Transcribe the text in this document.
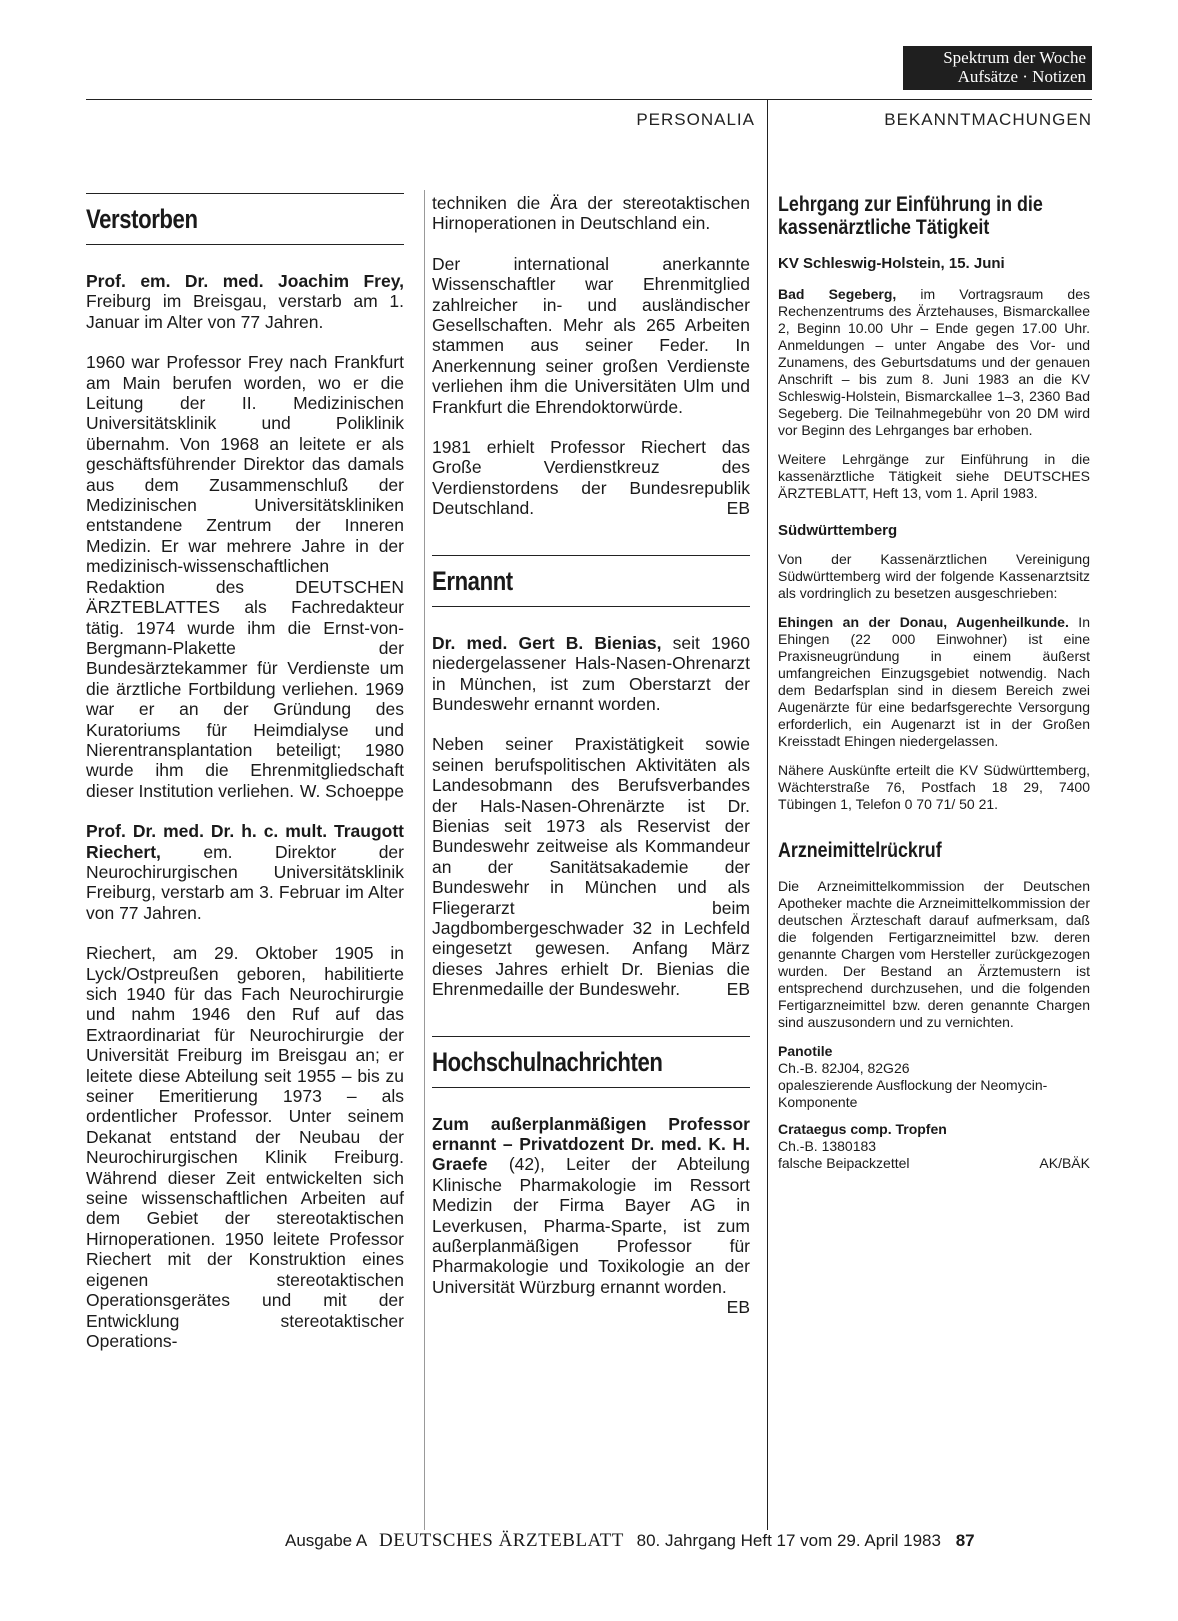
Spektrum der Woche
Aufsätze · Notizen
PERSONALIA	BEKANNTMACHUNGEN
Verstorben

Prof. em. Dr. med. Joachim Frey, Freiburg im Breisgau, verstarb am 1. Januar im Alter von 77 Jahren.

1960 war Professor Frey nach Frankfurt am Main berufen worden, wo er die Leitung der II. Medizinischen Universitätsklinik und Poliklinik übernahm. Von 1968 an leitete er als geschäftsführender Direktor das damals aus dem Zusammenschluß der Medizinischen Universitätskliniken entstandene Zentrum der Inneren Medizin. Er war mehrere Jahre in der medizinisch-wissenschaftlichen Redaktion des DEUTSCHEN ÄRZTEBLATTES als Fachredakteur tätig. 1974 wurde ihm die Ernst-von-Bergmann-Plakette der Bundesärztekammer für Verdienste um die ärztliche Fortbildung verliehen. 1969 war er an der Gründung des Kuratoriums für Heimdialyse und Nierentransplantation beteiligt; 1980 wurde ihm die Ehrenmitgliedschaft dieser Institution verliehen. W. Schoeppe

Prof. Dr. med. Dr. h. c. mult. Traugott Riechert, em. Direktor der Neurochirurgischen Universitätsklinik Freiburg, verstarb am 3. Februar im Alter von 77 Jahren.

Riechert, am 29. Oktober 1905 in Lyck/Ostpreußen geboren, habilitierte sich 1940 für das Fach Neurochirurgie und nahm 1946 den Ruf auf das Extraordinariat für Neurochirurgie der Universität Freiburg im Breisgau an; er leitete diese Abteilung seit 1955 – bis zu seiner Emeritierung 1973 – als ordentlicher Professor. Unter seinem Dekanat entstand der Neubau der Neurochirurgischen Klinik Freiburg. Während dieser Zeit entwickelten sich seine wissenschaftlichen Arbeiten auf dem Gebiet der stereotaktischen Hirnoperationen. 1950 leitete Professor Riechert mit der Konstruktion eines eigenen stereotaktischen Operationsgerätes und mit der Entwicklung stereotaktischer Operations-

techniken die Ära der stereotaktischen Hirnoperationen in Deutschland ein.

Der international anerkannte Wissenschaftler war Ehrenmitglied zahlreicher in- und ausländischer Gesellschaften. Mehr als 265 Arbeiten stammen aus seiner Feder. In Anerkennung seiner großen Verdienste verliehen ihm die Universitäten Ulm und Frankfurt die Ehrendoktorwürde.

1981 erhielt Professor Riechert das Große Verdienstkreuz des Verdienstordens der Bundesrepublik Deutschland.	EB

Ernannt

Dr. med. Gert B. Bienias, seit 1960 niedergelassener Hals-Nasen-Ohrenarzt in München, ist zum Oberstarzt der Bundeswehr ernannt worden.

Neben seiner Praxistätigkeit sowie seinen berufspolitischen Aktivitäten als Landesobmann des Berufsverbandes der Hals-Nasen-Ohrenärzte ist Dr. Bienias seit 1973 als Reservist der Bundeswehr zeitweise als Kommandeur an der Sanitätsakademie der Bundeswehr in München und als Fliegerarzt beim Jagdbombergeschwader 32 in Lechfeld eingesetzt gewesen. Anfang März dieses Jahres erhielt Dr. Bienias die Ehrenmedaille der Bundeswehr.	EB

Hochschulnachrichten

Zum außerplanmäßigen Professor ernannt – Privatdozent Dr. med. K. H. Graefe (42), Leiter der Abteilung Klinische Pharmakologie im Ressort Medizin der Firma Bayer AG in Leverkusen, Pharma-Sparte, ist zum außerplanmäßigen Professor für Pharmakologie und Toxikologie an der Universität Würzburg ernannt worden.
EB

Lehrgang zur Einführung in die kassenärztliche Tätigkeit

KV Schleswig-Holstein, 15. Juni

Bad Segeberg, im Vortragsraum des Rechenzentrums des Ärztehauses, Bismarckallee 2, Beginn 10.00 Uhr – Ende gegen 17.00 Uhr. Anmeldungen – unter Angabe des Vor- und Zunamens, des Geburtsdatums und der genauen Anschrift – bis zum 8. Juni 1983 an die KV Schleswig-Holstein, Bismarckallee 1–3, 2360 Bad Segeberg. Die Teilnahmegebühr von 20 DM wird vor Beginn des Lehrganges bar erhoben.

Weitere Lehrgänge zur Einführung in die kassenärztliche Tätigkeit siehe DEUTSCHES ÄRZTEBLATT, Heft 13, vom 1. April 1983.

Südwürttemberg

Von der Kassenärztlichen Vereinigung Südwürttemberg wird der folgende Kassenarztsitz als vordringlich zu besetzen ausgeschrieben:

Ehingen an der Donau, Augenheilkunde. In Ehingen (22 000 Einwohner) ist eine Praxisneugründung in einem äußerst umfangreichen Einzugsgebiet notwendig. Nach dem Bedarfsplan sind in diesem Bereich zwei Augenärzte für eine bedarfsgerechte Versorgung erforderlich, ein Augenarzt ist in der Großen Kreisstadt Ehingen niedergelassen.

Nähere Auskünfte erteilt die KV Südwürttemberg, Wächterstraße 76, Postfach 18 29, 7400 Tübingen 1, Telefon 0 70 71/ 50 21.

Arzneimittelrückruf

Die Arzneimittelkommission der Deutschen Apotheker machte die Arzneimittelkommission der deutschen Ärzteschaft darauf aufmerksam, daß die folgenden Fertigarzneimittel bzw. deren genannte Chargen vom Hersteller zurückgezogen wurden. Der Bestand an Ärztemustern ist entsprechend durchzusehen, und die folgenden Fertigarzneimittel bzw. deren genannte Chargen sind auszusondern und zu vernichten.

Panotile
Ch.-B. 82J04, 82G26
opaleszierende Ausflockung der Neomycin-Komponente
Crataegus comp. Tropfen
Ch.-B. 1380183
falsche Beipackzettel	AK/BÄK
Ausgabe A DEUTSCHES ÄRZTEBLATT 80. Jahrgang Heft 17 vom 29. April 1983 87
